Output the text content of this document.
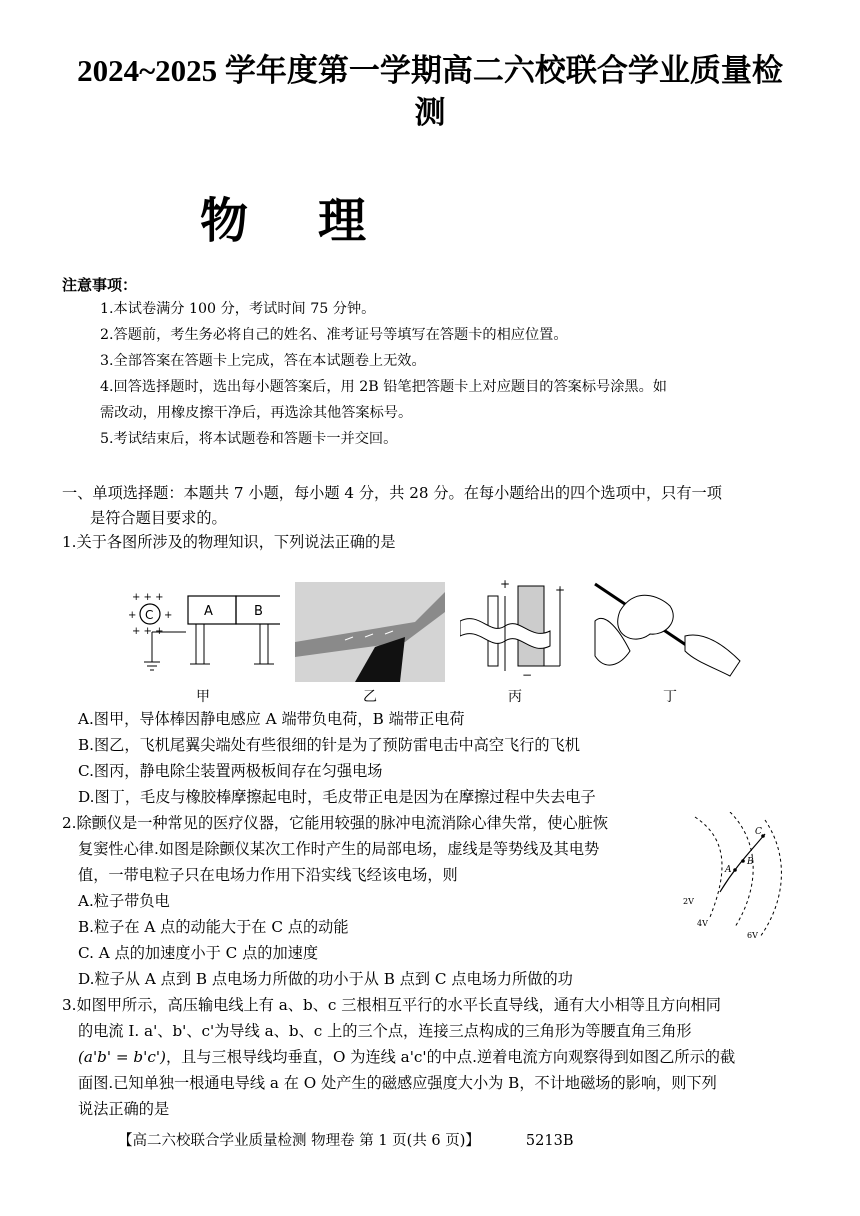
2024~2025 学年度第一学期高二六校联合学业质量检
测
物理
注意事项：
1.本试卷满分 100 分，考试时间 75 分钟。
2.答题前，考生务必将自己的姓名、准考证号等填写在答题卡的相应位置。
3.全部答案在答题卡上完成，答在本试题卷上无效。
4.回答选择题时，选出每小题答案后，用 2B 铅笔把答题卡上对应题目的答案标号涂黑。如
需改动，用橡皮擦干净后，再选涂其他答案标号。
5.考试结束后，将本试题卷和答题卡一并交回。
一、单项选择题：本题共 7 小题，每小题 4 分，共 28 分。在每小题给出的四个选项中，只有一项
是符合题目要求的。
1.关于各图所涉及的物理知识，下列说法正确的是
C
+ + +
+	+
+ + +
A	B
+	+
−
甲	乙	丙	丁
A.图甲，导体棒因静电感应 A 端带负电荷，B 端带正电荷
B.图乙，飞机尾翼尖端处有些很细的针是为了预防雷电击中高空飞行的飞机
C.图丙，静电除尘装置两极板间存在匀强电场
D.图丁，毛皮与橡胶棒摩擦起电时，毛皮带正电是因为在摩擦过程中失去电子
2.除颤仪是一种常见的医疗仪器，它能用较强的脉冲电流消除心律失常，使心脏恢
复窦性心律.如图是除颤仪某次工作时产生的局部电场，虚线是等势线及其电势
值，一带电粒子只在电场力作用下沿实线飞经该电场，则
A.粒子带负电
B.粒子在 A 点的动能大于在 C 点的动能
C. A 点的加速度小于 C 点的加速度
D.粒子从 A 点到 B 点电场力所做的功小于从 B 点到 C 点电场力所做的功
A
B
C
2V
4V
6V
3.如图甲所示，高压输电线上有 a、b、c 三根相互平行的水平长直导线，通有大小相等且方向相同
的电流 I. a'、b'、c'为导线 a、b、c 上的三个点，连接三点构成的三角形为等腰直角三角形
(a'b' = b'c')，且与三根导线均垂直，O 为连线 a'c'的中点.逆着电流方向观察得到如图乙所示的截
面图.已知单独一根通电导线 a 在 O 处产生的磁感应强度大小为 B，不计地磁场的影响，则下列
说法正确的是
【高二六校联合学业质量检测 物理卷 第 1 页(共 6 页)】	5213B
